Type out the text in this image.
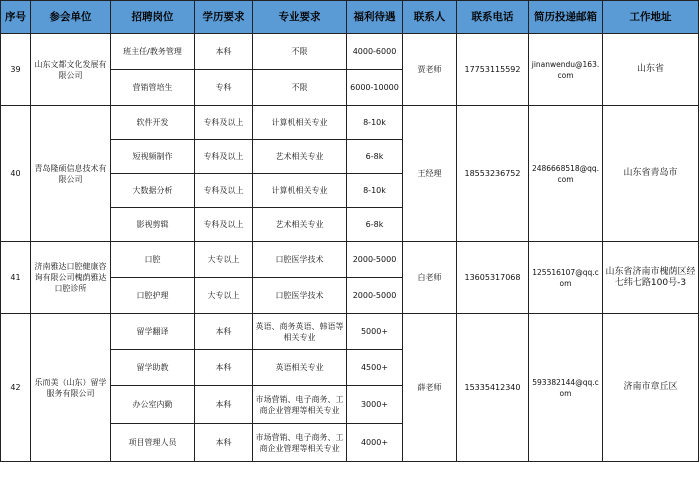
序号	参会单位	招聘岗位	学历要求	专业要求	福利待遇	联系人	联系电话	简历投递邮箱	工作地址
39	山东文都文化发展有限公司	班主任/教务管理	本科	不限	4000-6000	贾老师	17753115592	jinanwendu@163.com	山东省
		营销管培生	专科	不限	6000-10000				
40	青岛隆硕信息技术有限公司	软件开发	专科及以上	计算机相关专业	8-10k	王经理	18553236752	2486668518@qq.com	山东省青岛市
		短视频制作	专科及以上	艺术相关专业	6-8k				
		大数据分析	专科及以上	计算机相关专业	8-10k				
		影视剪辑	专科及以上	艺术相关专业	6-8k				
41	济南雅达口腔健康咨询有限公司槐荫雅达口腔诊所	口腔	大专以上	口腔医学技术	2000-5000	白老师	13605317068	125516107@qq.com	山东省济南市槐荫区经七纬七路100号-3
		口腔护理	大专以上	口腔医学技术	2000-5000				
42	乐而美（山东）留学服务有限公司	留学翻译	本科	英语、商务英语、韩语等相关专业	5000+	薛老师	15335412340	593382144@qq.com	济南市章丘区
		留学助教	本科	英语相关专业	4500+				
		办公室内勤	本科	市场营销、电子商务、工商企业管理等相关专业	3000+				
		项目管理人员	本科	市场营销、电子商务、工商企业管理等相关专业	4000+				
